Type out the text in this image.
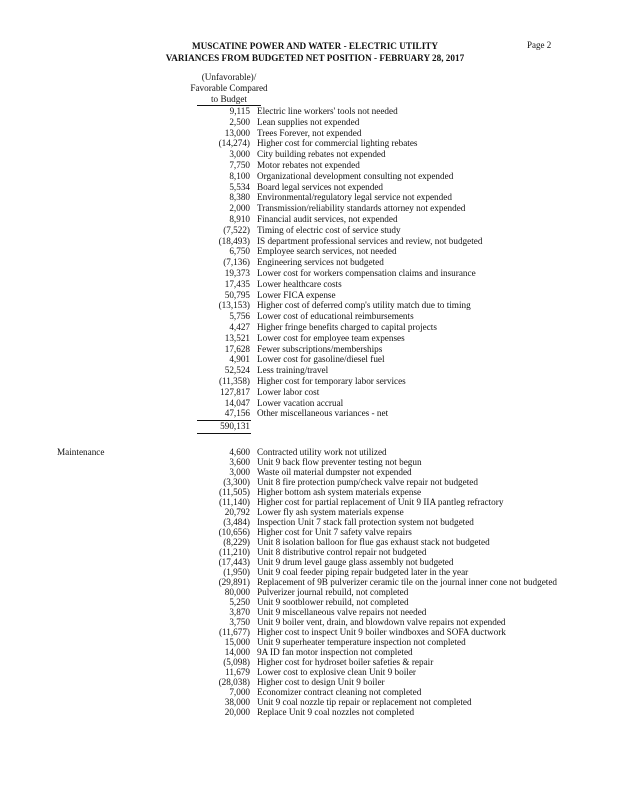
MUSCATINE POWER AND WATER - ELECTRIC UTILITY
VARIANCES FROM BUDGETED NET POSITION - FEBRUARY 28, 2017
Page 2
(Unfavorable)/
Favorable Compared
to Budget
9,115 Electric line workers' tools not needed
2,500 Lean supplies not expended
13,000 Trees Forever, not expended
(14,274) Higher cost for commercial lighting rebates
3,000 City building rebates not expended
7,750 Motor rebates not expended
8,100 Organizational development consulting not expended
5,534 Board legal services not expended
8,380 Environmental/regulatory legal service not expended
2,000 Transmission/reliability standards attorney not expended
8,910 Financial audit services, not expended
(7,522) Timing of electric cost of service study
(18,493) IS department professional services and review, not budgeted
6,750 Employee search services, not needed
(7,136) Engineering services not budgeted
19,373 Lower cost for workers compensation claims and insurance
17,435 Lower healthcare costs
50,795 Lower FICA expense
(13,153) Higher cost of deferred comp's utility match due to timing
5,756 Lower cost of educational reimbursements
4,427 Higher fringe benefits charged to capital projects
13,521 Lower cost for employee team expenses
17,628 Fewer subscriptions/memberships
4,901 Lower cost for gasoline/diesel fuel
52,524 Less training/travel
(11,358) Higher cost for temporary labor services
127,817 Lower labor cost
14,047 Lower vacation accrual
47,156 Other miscellaneous variances - net
590,131
Maintenance	4,600 Contracted utility work not utilized
3,600 Unit 9 back flow preventer testing not begun
3,000 Waste oil material dumpster not expended
(3,300) Unit 8 fire protection pump/check valve repair not budgeted
(11,505) Higher bottom ash system materials expense
(11,140) Higher cost for partial replacement of Unit 9 IIA pantleg refractory
20,792 Lower fly ash system materials expense
(3,484) Inspection Unit 7 stack fall protection system not budgeted
(10,656) Higher cost for Unit 7 safety valve repairs
(8,229) Unit 8 isolation balloon for flue gas exhaust stack not budgeted
(11,210) Unit 8 distributive control repair not budgeted
(17,443) Unit 9 drum level gauge glass assembly not budgeted
(1,950) Unit 9 coal feeder piping repair budgeted later in the year
(29,891) Replacement of 9B pulverizer ceramic tile on the journal inner cone not budgeted
80,000 Pulverizer journal rebuild, not completed
5,250 Unit 9 sootblower rebuild, not completed
3,870 Unit 9 miscellaneous valve repairs not needed
3,750 Unit 9 boiler vent, drain, and blowdown valve repairs not expended
(11,677) Higher cost to inspect Unit 9 boiler windboxes and SOFA ductwork
15,000 Unit 9 superheater temperature inspection not completed
14,000 9A ID fan motor inspection not completed
(5,098) Higher cost for hydroset boiler safeties & repair
11,679 Lower cost to explosive clean Unit 9 boiler
(28,038) Higher cost to design Unit 9 boiler
7,000 Economizer contract cleaning not completed
38,000 Unit 9 coal nozzle tip repair or replacement not completed
20,000 Replace Unit 9 coal nozzles not completed
